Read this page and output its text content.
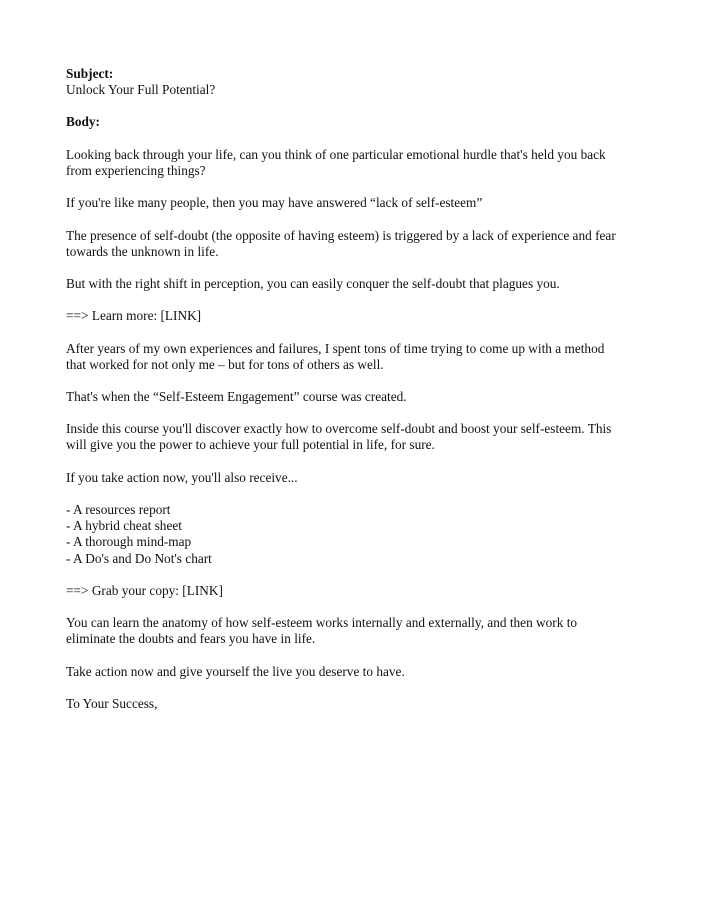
Subject:
Unlock Your Full Potential?
Body:
Looking back through your life, can you think of one particular emotional hurdle that's held you back
from experiencing things?
If you're like many people, then you may have answered “lack of self-esteem”
The presence of self-doubt (the opposite of having esteem) is triggered by a lack of experience and fear
towards the unknown in life.
But with the right shift in perception, you can easily conquer the self-doubt that plagues you.
==> Learn more: [LINK]
After years of my own experiences and failures, I spent tons of time trying to come up with a method
that worked for not only me – but for tons of others as well.
That's when the “Self-Esteem Engagement” course was created.
Inside this course you'll discover exactly how to overcome self-doubt and boost your self-esteem. This
will give you the power to achieve your full potential in life, for sure.
If you take action now, you'll also receive...
- A resources report
- A hybrid cheat sheet
- A thorough mind-map
- A Do's and Do Not's chart
==> Grab your copy: [LINK]
You can learn the anatomy of how self-esteem works internally and externally, and then work to
eliminate the doubts and fears you have in life.
Take action now and give yourself the live you deserve to have.
To Your Success,
